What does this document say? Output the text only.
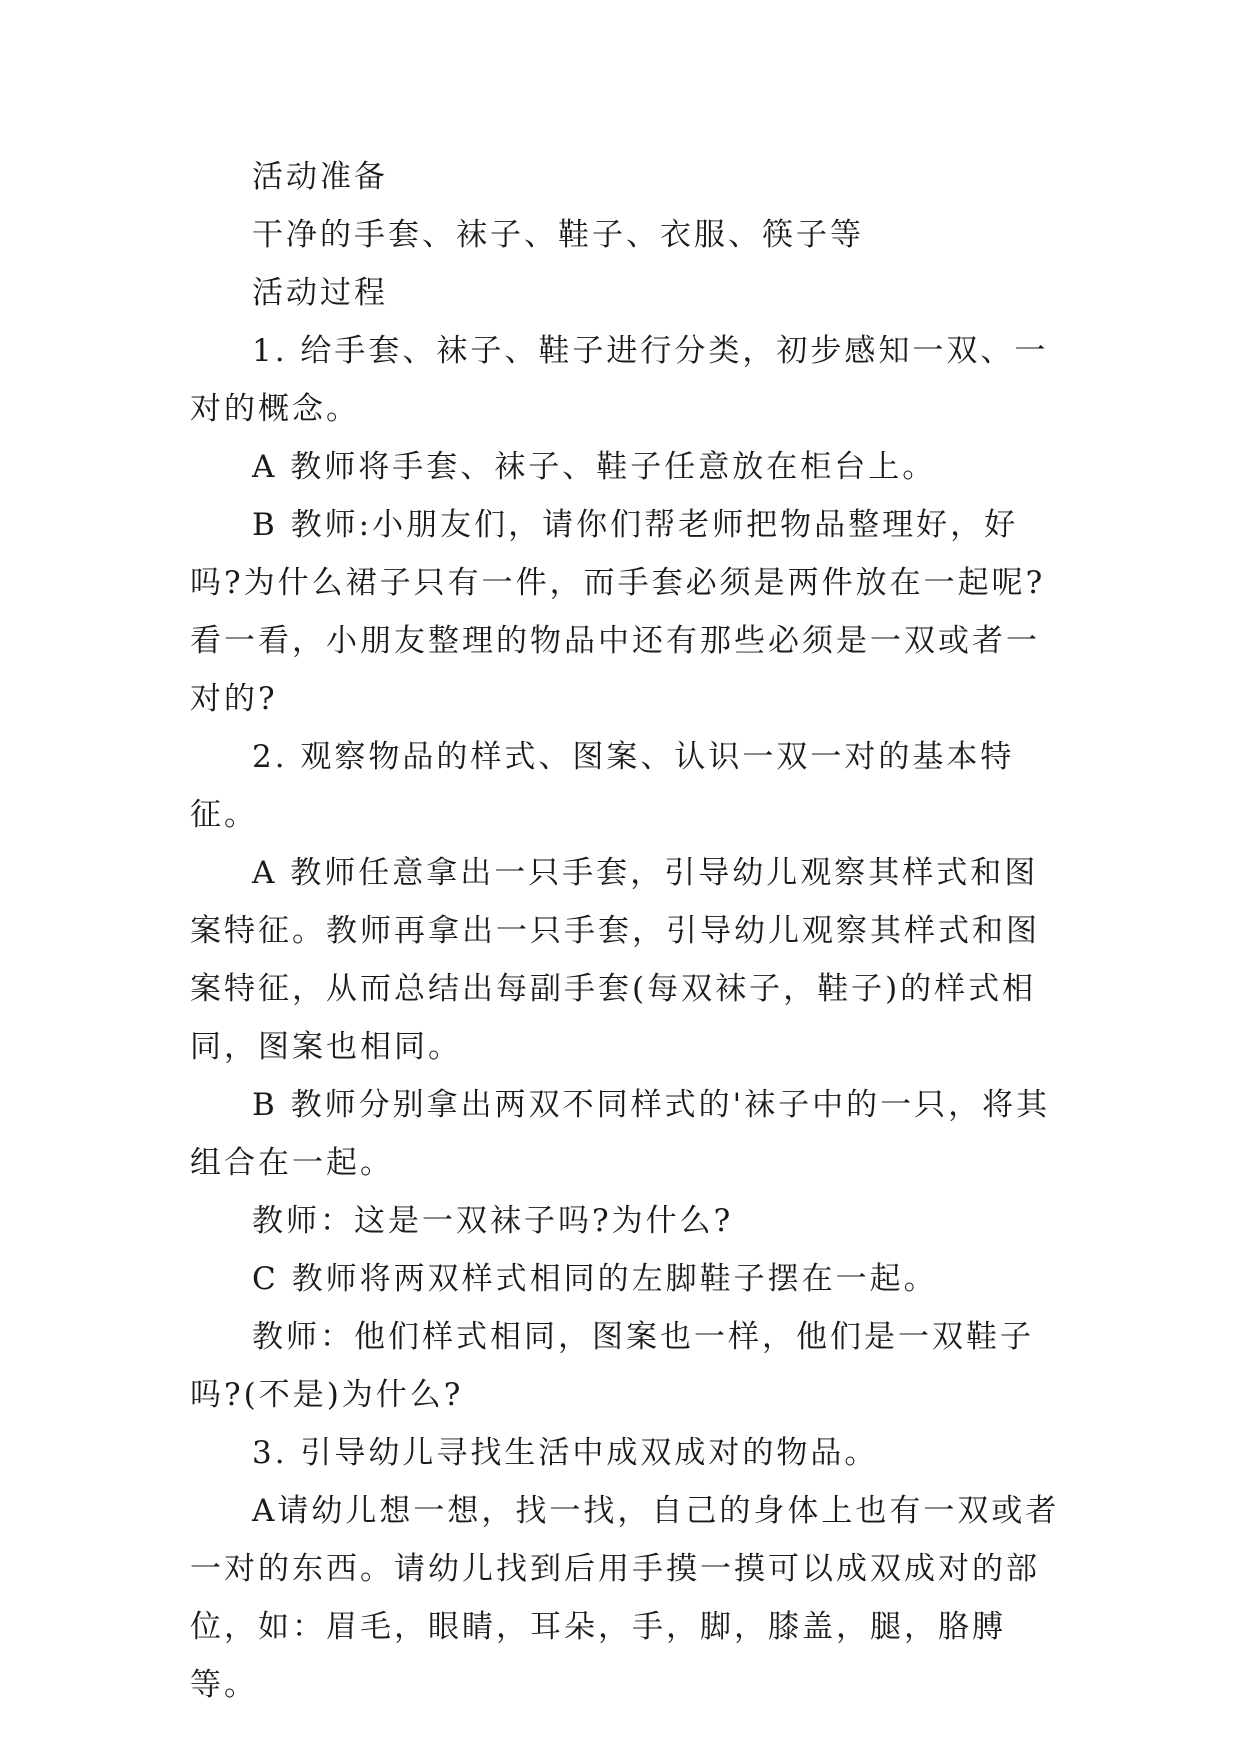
活动准备

干净的手套、袜子、鞋子、衣服、筷子等

活动过程

1. 给手套、袜子、鞋子进行分类，初步感知一双、一对的概念。

A 教师将手套、袜子、鞋子任意放在柜台上。

B 教师:小朋友们，请你们帮老师把物品整理好，好吗?为什么裙子只有一件，而手套必须是两件放在一起呢?看一看，小朋友整理的物品中还有那些必须是一双或者一对的?

2. 观察物品的样式、图案、认识一双一对的基本特征。

A 教师任意拿出一只手套，引导幼儿观察其样式和图案特征。教师再拿出一只手套，引导幼儿观察其样式和图案特征，从而总结出每副手套(每双袜子，鞋子)的样式相同，图案也相同。

B 教师分别拿出两双不同样式的'袜子中的一只，将其组合在一起。

教师：这是一双袜子吗?为什么?

C 教师将两双样式相同的左脚鞋子摆在一起。

教师：他们样式相同，图案也一样，他们是一双鞋子吗?(不是)为什么?

3. 引导幼儿寻找生活中成双成对的物品。

A请幼儿想一想，找一找，自己的身体上也有一双或者一对的东西。请幼儿找到后用手摸一摸可以成双成对的部位，如：眉毛，眼睛，耳朵，手，脚，膝盖，腿，胳膊等。
